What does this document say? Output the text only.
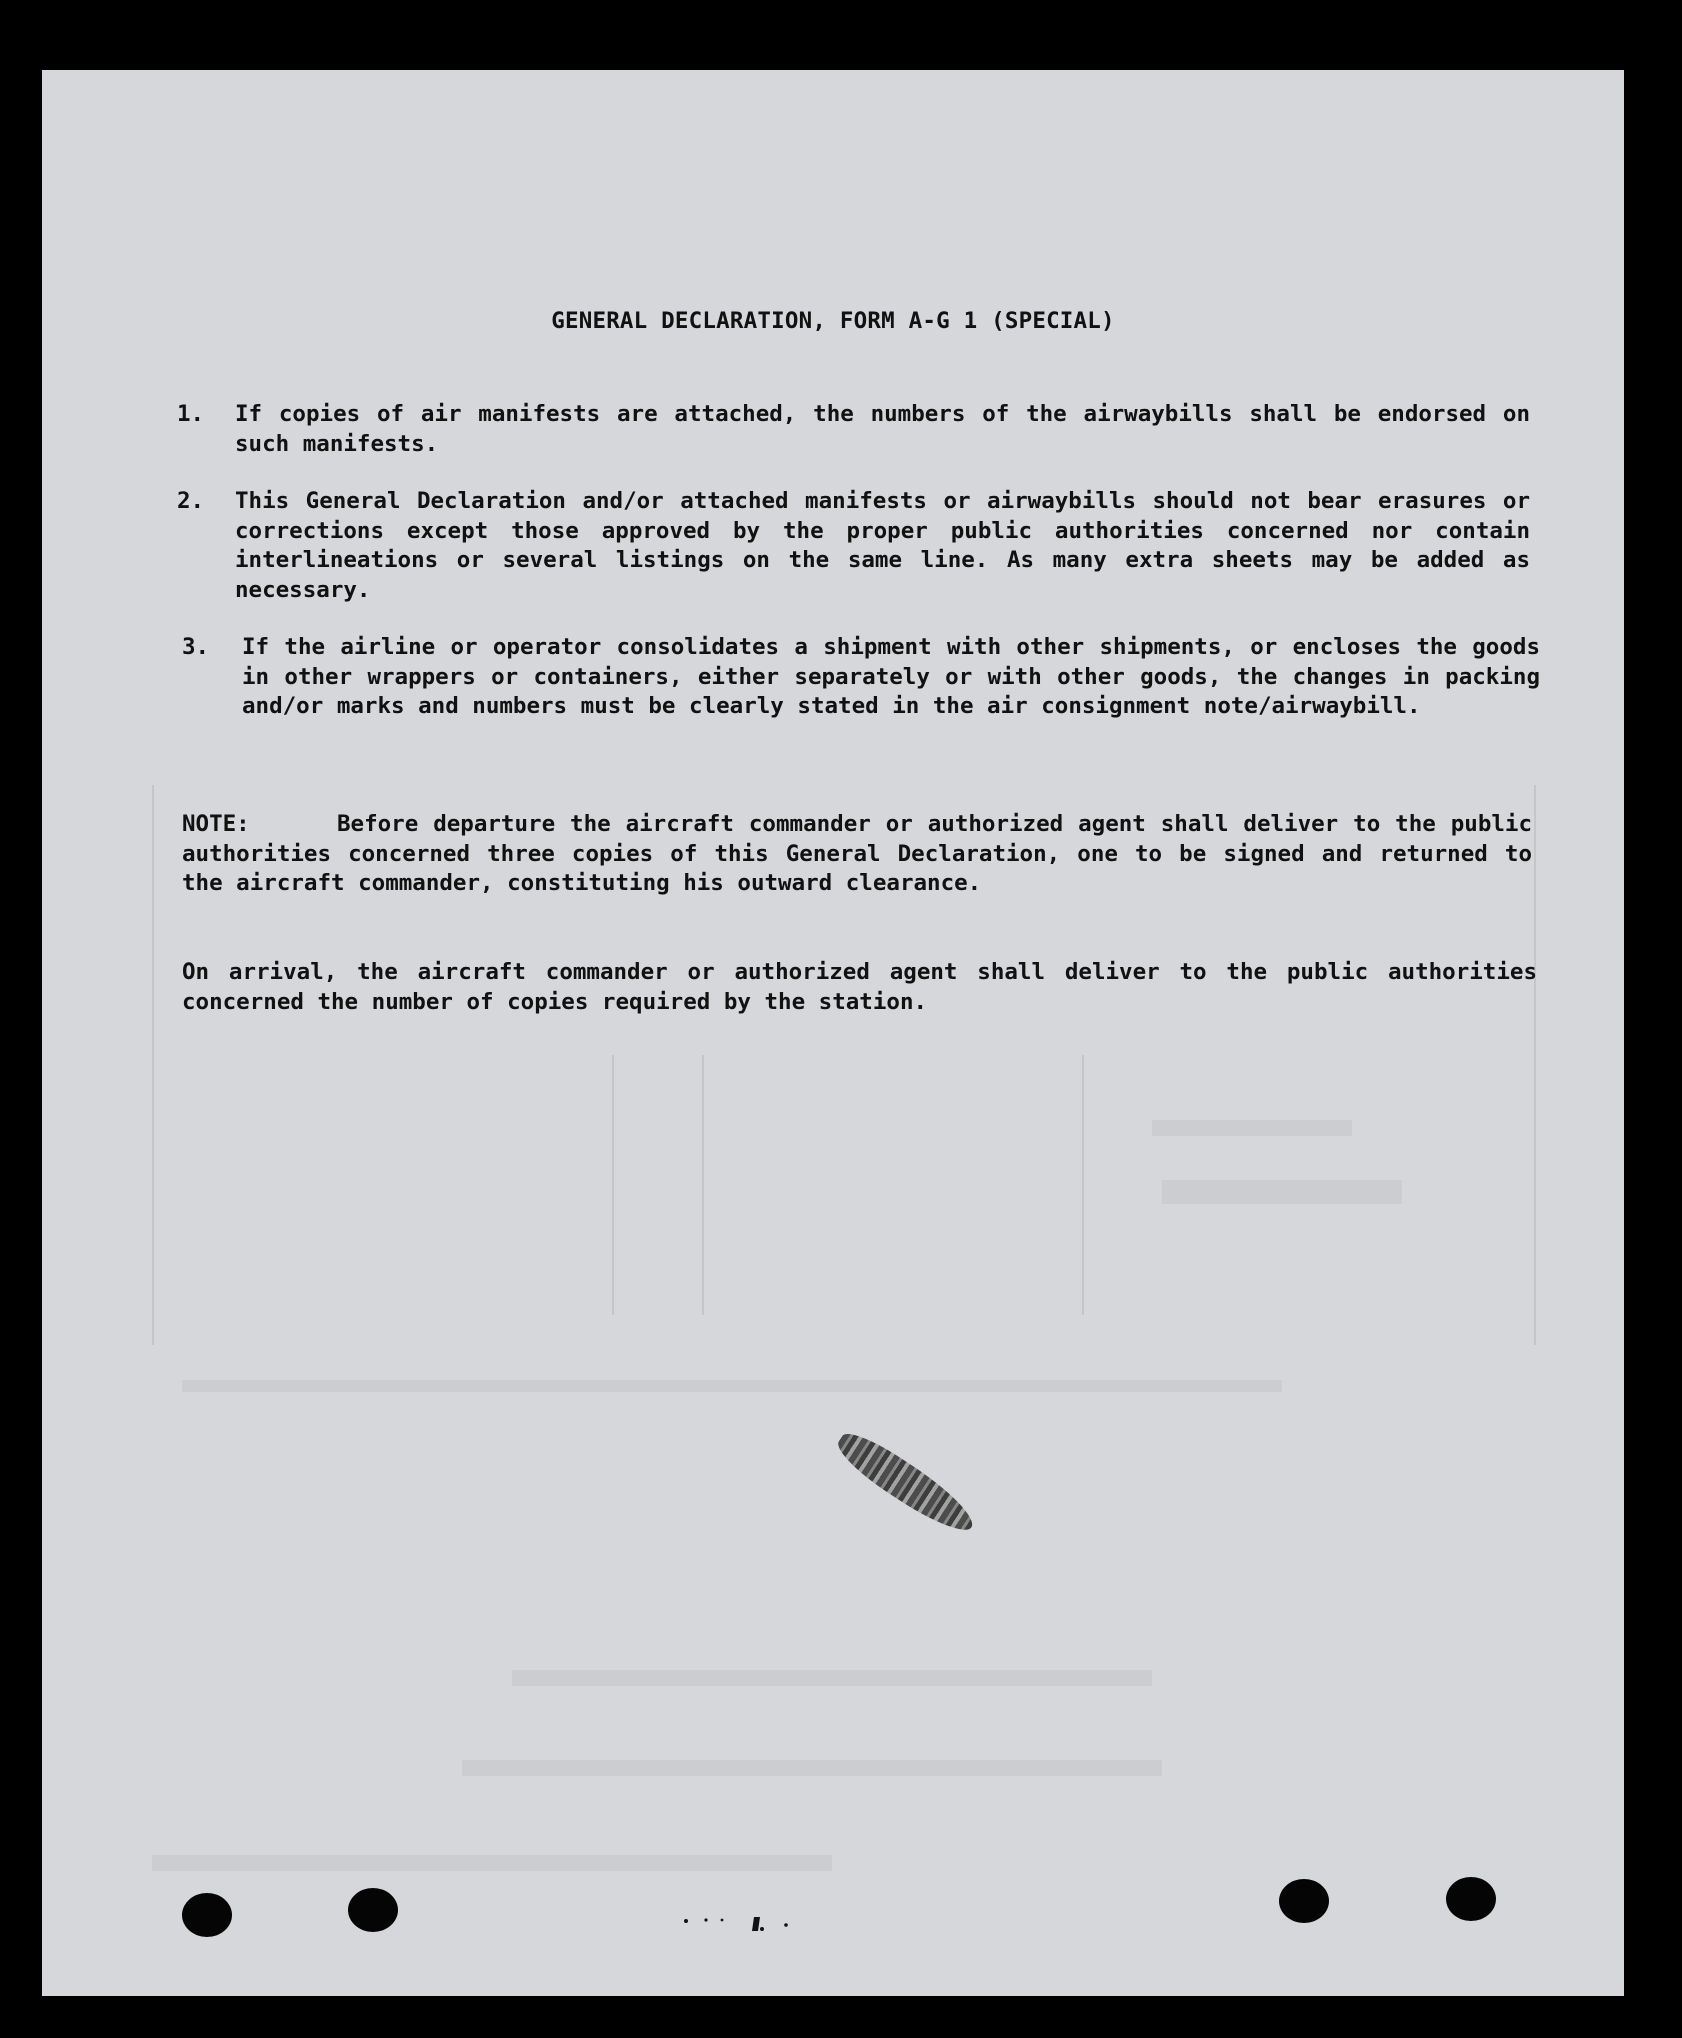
GENERAL DECLARATION, FORM A-G 1 (SPECIAL)
1. If copies of air manifests are attached, the numbers of the airwaybills shall be endorsed on such manifests.
2. This General Declaration and/or attached manifests or airwaybills should not bear erasures or corrections except those approved by the proper public authorities concerned nor contain interlineations or several listings on the same line. As many extra sheets may be added as necessary.
3. If the airline or operator consolidates a shipment with other shipments, or encloses the goods in other wrappers or containers, either separately or with other goods, the changes in packing and/or marks and numbers must be clearly stated in the air consignment note/airwaybill.
Before departure the aircraft commander or authorized agent shall deliver to the public authorities concerned three copies of this General Declaration, one to be signed and returned to the aircraft commander, constituting his outward clearance.
NOTE:
On arrival, the aircraft commander or authorized agent shall deliver to the public authorities concerned the number of copies required by the station.
